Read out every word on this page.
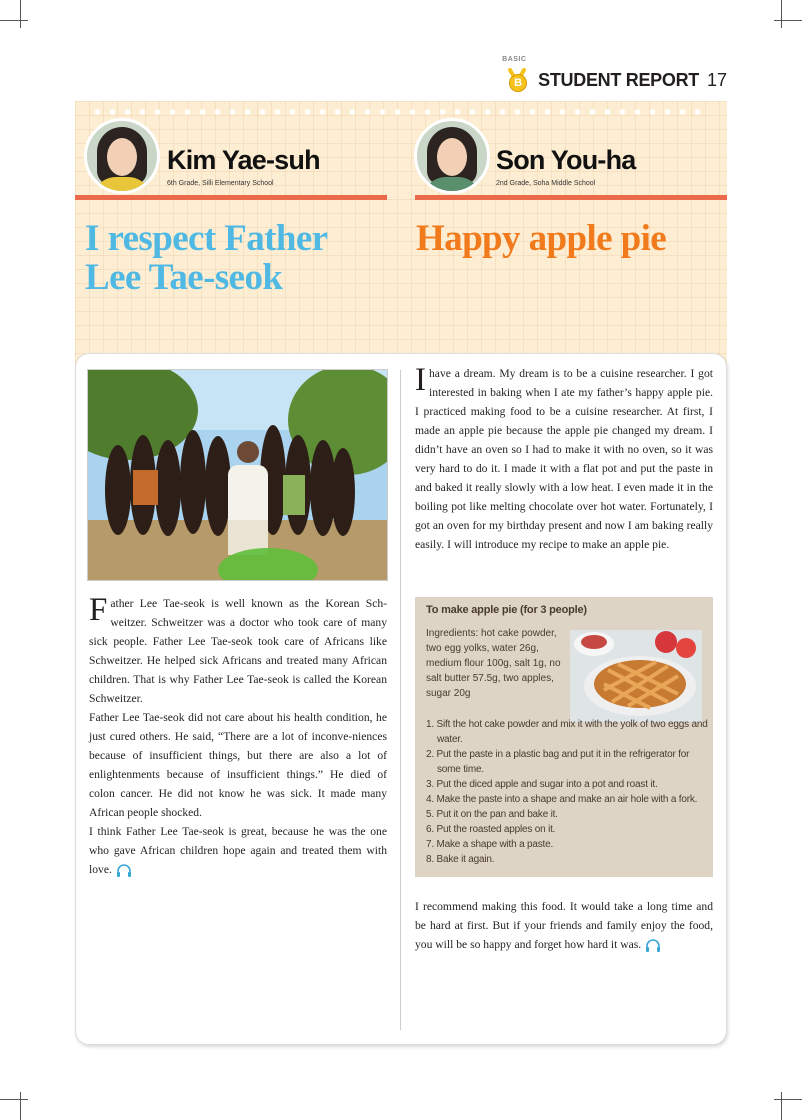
BASIC
B STUDENT REPORT 17
Kim Yae-suh
6th Grade, Silli Elementary School
I respect Father
Lee Tae-seok
Son You-ha
2nd Grade, Soha Middle School
Happy apple pie

Father Lee Tae-seok is well known as the Korean Sch-weitzer. Schweitzer was a doctor who took care of many sick people. Father Lee Tae-seok took care of Africans like Schweitzer. He helped sick Africans and treated many African children. That is why Father Lee Tae-seok is called the Korean Schweitzer.

Father Lee Tae-seok did not care about his health condition, he just cured others. He said, “There are a lot of inconve-niences because of insufficient things, but there are also a lot of enlightenments because of insufficient things.” He died of colon cancer. He did not know he was sick. It made many African people shocked.

I think Father Lee Tae-seok is great, because he was the one who gave African children hope again and treated them with love.

Ihave a dream. My dream is to be a cuisine researcher. I got interested in baking when I ate my father’s happy apple pie. I practiced making food to be a cuisine researcher. At first, I made an apple pie because the apple pie changed my dream. I didn’t have an oven so I had to make it with no oven, so it was very hard to do it. I made it with a flat pot and put the paste in and baked it really slowly with a low heat. I even made it in the boiling pot like melting chocolate over hot water. Fortunately, I got an oven for my birthday present and now I am baking really easily. I will introduce my recipe to make an apple pie.

To make apple pie (for 3 people)
Ingredients: hot cake powder, two egg yolks, water 26g, medium flour 100g, salt 1g, no salt butter 57.5g, two apples, sugar 20g
1. Sift the hot cake powder and mix it with the yolk of two eggs and water.
2. Put the paste in a plastic bag and put it in the refrigerator for some time.
3. Put the diced apple and sugar into a pot and roast it.
4. Make the paste into a shape and make an air hole with a fork.
5. Put it on the pan and bake it.
6. Put the roasted apples on it.
7. Make a shape with a paste.
8. Bake it again.

I recommend making this food. It would take a long time and be hard at first. But if your friends and family enjoy the food, you will be so happy and forget how hard it was.
